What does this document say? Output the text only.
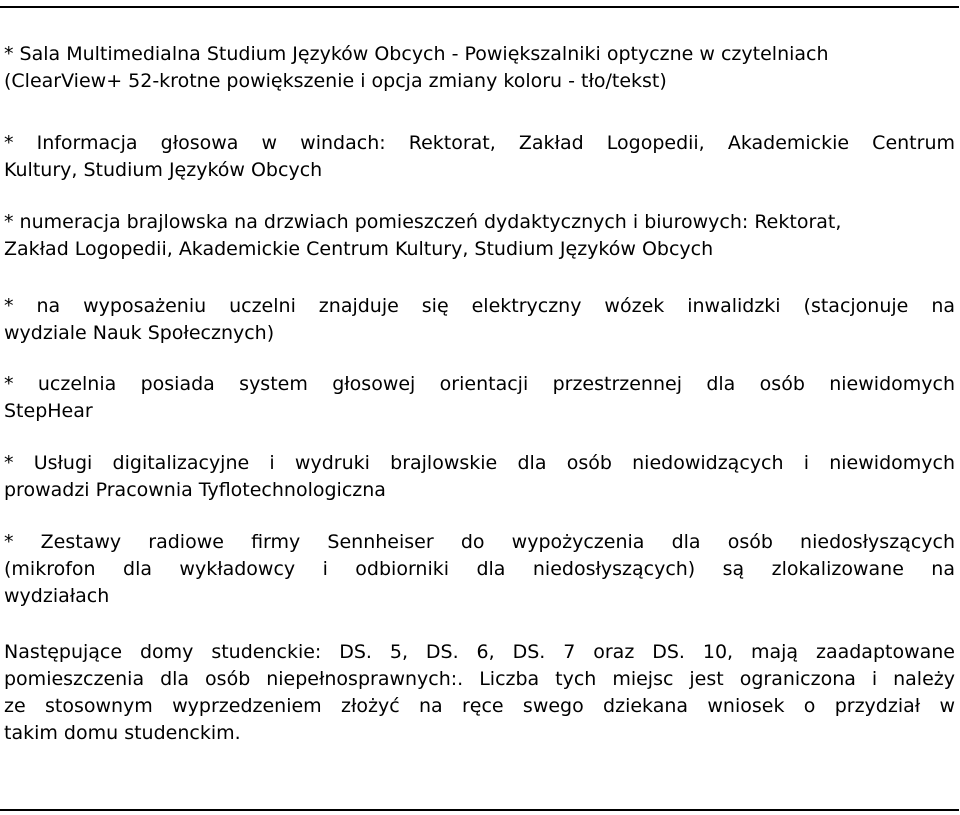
* Sala Multimedialna Studium Języków Obcych - Powiększalniki optyczne w czytelniach
(ClearView+ 52-krotne powiększenie i opcja zmiany koloru - tło/tekst)

* Informacja głosowa w windach: Rektorat, Zakład Logopedii, Akademickie Centrum
Kultury, Studium Języków Obcych

* numeracja brajlowska na drzwiach pomieszczeń dydaktycznych i biurowych: Rektorat,
Zakład Logopedii, Akademickie Centrum Kultury, Studium Języków Obcych

* na wyposażeniu uczelni znajduje się elektryczny wózek inwalidzki (stacjonuje na
wydziale Nauk Społecznych)

* uczelnia posiada system głosowej orientacji przestrzennej dla osób niewidomych
StepHear

* Usługi digitalizacyjne i wydruki brajlowskie dla osób niedowidzących i niewidomych
prowadzi Pracownia Tyflotechnologiczna

* Zestawy radiowe firmy Sennheiser do wypożyczenia dla osób niedosłyszących
(mikrofon dla wykładowcy i odbiorniki dla niedosłyszących) są zlokalizowane na
wydziałach

Następujące domy studenckie: DS. 5, DS. 6, DS. 7 oraz DS. 10, mają zaadaptowane
pomieszczenia dla osób niepełnosprawnych:. Liczba tych miejsc jest ograniczona i należy
ze stosownym wyprzedzeniem złożyć na ręce swego dziekana wniosek o przydział w
takim domu studenckim.
